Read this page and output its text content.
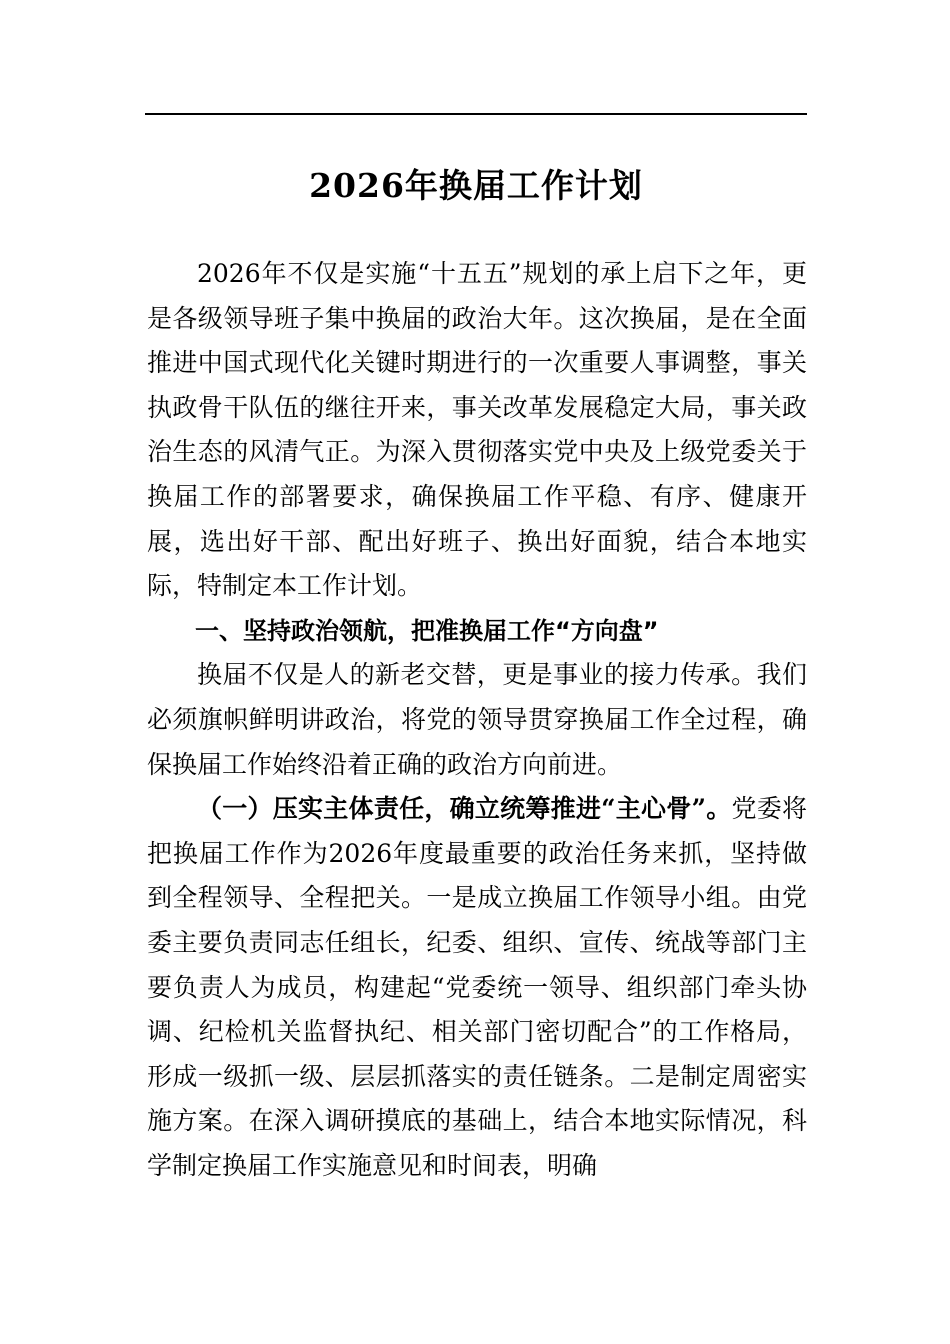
2026年换届工作计划

2026年不仅是实施“十五五”规划的承上启下之年，更是各级领导班子集中换届的政治大年。这次换届，是在全面推进中国式现代化关键时期进行的一次重要人事调整，事关执政骨干队伍的继往开来，事关改革发展稳定大局，事关政治生态的风清气正。为深入贯彻落实党中央及上级党委关于换届工作的部署要求，确保换届工作平稳、有序、健康开展，选出好干部、配出好班子、换出好面貌，结合本地实际，特制定本工作计划。

一、坚持政治领航，把准换届工作“方向盘”

换届不仅是人的新老交替，更是事业的接力传承。我们必须旗帜鲜明讲政治，将党的领导贯穿换届工作全过程，确保换届工作始终沿着正确的政治方向前进。

（一）压实主体责任，确立统筹推进“主心骨”。党委将把换届工作作为2026年度最重要的政治任务来抓，坚持做到全程领导、全程把关。一是成立换届工作领导小组。由党委主要负责同志任组长，纪委、组织、宣传、统战等部门主要负责人为成员，构建起“党委统一领导、组织部门牵头协调、纪检机关监督执纪、相关部门密切配合”的工作格局，形成一级抓一级、层层抓落实的责任链条。二是制定周密实施方案。在深入调研摸底的基础上，结合本地实际情况，科学制定换届工作实施意见和时间表，明确
